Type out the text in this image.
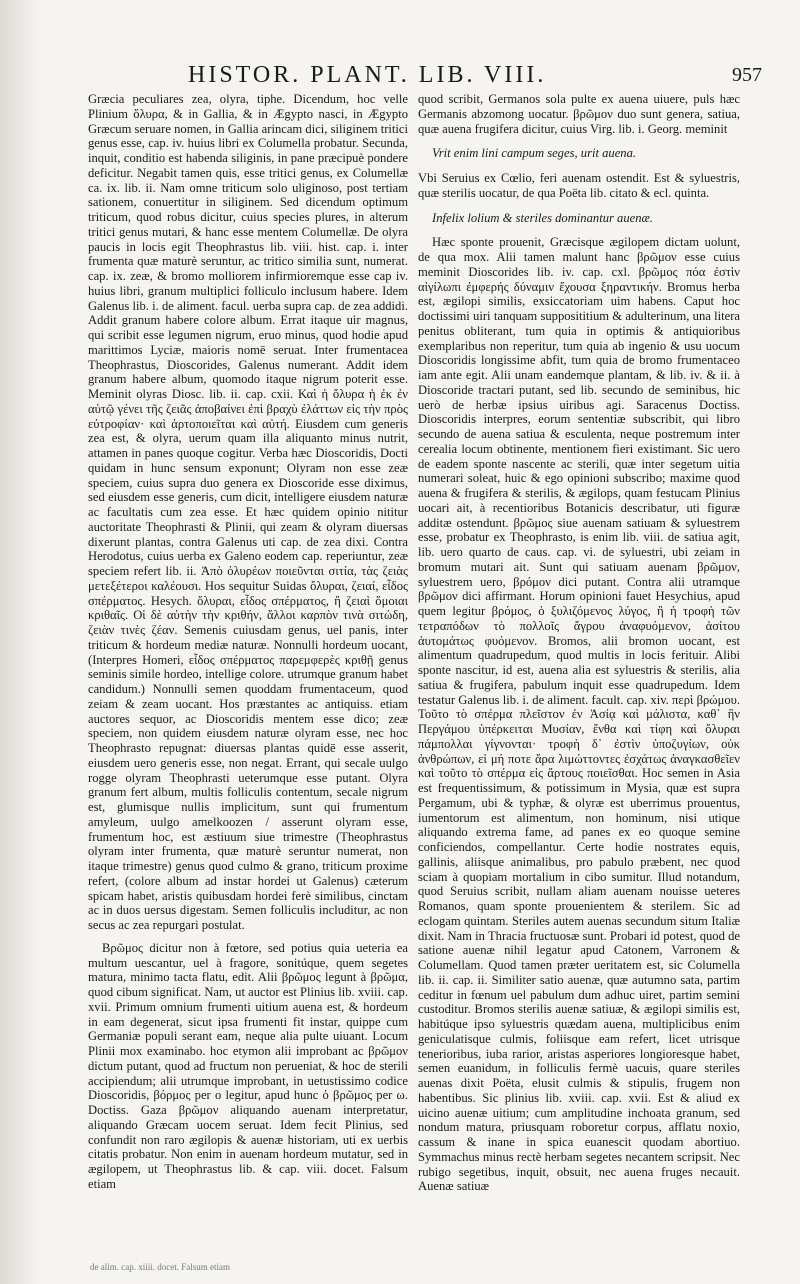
HISTOR. PLANT. LIB. VIII.	957

Græcia peculiares zea, olyra, tiphe. Dicendum, hoc velle Plinium ὄλυρα, & in Gallia, & in Ægypto nasci, in Ægypto Græcum seruare nomen, in Gallia arincam dici, siliginem tritici genus esse, cap. iv. huius libri ex Columella probatur. Secunda, inquit, conditio est habenda siliginis, in pane præcipuè pondere deficitur. Negabit tamen quis, esse tritici genus, ex Columellæ ca. ix. lib. ii. Nam omne triticum solo uliginoso, post tertiam sationem, conuertitur in siliginem. Sed dicendum optimum triticum, quod robus dicitur, cuius species plures, in alterum tritici genus mutari, & hanc esse mentem Columellæ. De olyra paucis in locis egit Theophrastus lib. viii. hist. cap. i. inter frumenta quæ maturè seruntur, ac tritico similia sunt, numerat. cap. ix. zeæ, & bromo molliorem infirmioremque esse cap iv. huius libri, granum multiplici folliculo inclusum habere. Idem Galenus lib. i. de aliment. facul. uerba supra cap. de zea addidi. Addit granum habere colore album. Errat itaque uir magnus, qui scribit esse legumen nigrum, eruo minus, quod hodie apud marittimos Lyciæ, maioris nomē seruat. Inter frumentacea Theophrastus, Dioscorides, Galenus numerant. Addit idem granum habere album, quomodo itaque nigrum poterit esse. Meminit olyras Diosc. lib. ii. cap. cxii. Καὶ ἡ ὄλυρα ἡ ἐκ ἐν αὐτῷ γένει τῆς ζειᾶς ἀποβαίνει ἐπὶ βραχὺ ἐλάττων εἰς τὴν πρὸς εὐτροφίαν· καὶ ἀρτοποιεῖται καὶ αὐτή. Eiusdem cum generis zea est, & olyra, uerum quam illa aliquanto minus nutrit, attamen in panes quoque cogitur. Verba hæc Dioscoridis, Docti quidam in hunc sensum exponunt; Olyram non esse zeæ speciem, cuius supra duo genera ex Dioscoride esse diximus, sed eiusdem esse generis, cum dicit, intelligere eiusdem naturæ ac facultatis cum zea esse. Et hæc quidem opinio nititur auctoritate Theophrasti & Plinii, qui zeam & olyram diuersas dixerunt plantas, contra Galenus uti cap. de zea dixi. Contra Herodotus, cuius uerba ex Galeno eodem cap. reperiuntur, zeæ speciem refert lib. ii. Ἀπὸ ὀλυρέων ποιεῦνται σιτία, τὰς ζειὰς μετεξέτεροι καλέουσι. Hos sequitur Suidas ὄλυραι, ζειαί, εἶδος σπέρματος. Hesych. ὄλυραι, εἶδος σπέρματος, ἢ ζειαὶ ὅμοιαι κριθαῖς. Οἱ δὲ αὐτὴν τὴν κριθήν, ἄλλοι καρπὸν τινὰ σιτώδη, ζειὰν τινὲς ζέαν. Semenis cuiusdam genus, uel panis, inter triticum & hordeum mediæ naturæ. Nonnulli hordeum uocant, (Interpres Homeri, εἶδος σπέρματος παρεμφερὲς κριθῇ genus seminis simile hordeo, intellige colore. utrumque granum habet candidum.) Nonnulli semen quoddam frumentaceum, quod zeiam & zeam uocant. Hos præstantes ac antiquiss. etiam auctores sequor, ac Dioscoridis mentem esse dico; zeæ speciem, non quidem eiusdem naturæ olyram esse, nec hoc Theophrasto repugnat: diuersas plantas quidē esse asserit, eiusdem uero generis esse, non negat. Errant, qui secale uulgo rogge olyram Theophrasti ueterumque esse putant. Olyra granum fert album, multis folliculis contentum, secale nigrum est, glumisque nullis implicitum, sunt qui frumentum amyleum, uulgo amelkoozen / asserunt olyram esse, frumentum hoc, est æstiuum siue trimestre (Theophrastus olyram inter frumenta, quæ maturè seruntur numerat, non itaque trimestre) genus quod culmo & grano, triticum proxime refert, (colore album ad instar hordei ut Galenus) cæterum spicam habet, aristis quibusdam hordei ferè similibus, cinctam ac in duos uersus digestam. Semen folliculis includitur, ac non secus ac zea repurgari postulat.

Βρῶμος dicitur non à fœtore, sed potius quia ueteria ea multum uescantur, uel à fragore, sonitúque, quem segetes matura, minimo tacta flatu, edit. Alii βρῶμος legunt à βρῶμα, quod cibum significat. Nam, ut auctor est Plinius lib. xviii. cap. xvii. Primum omnium frumenti uitium auena est, & hordeum in eam degenerat, sicut ipsa frumenti fit instar, quippe cum Germaniæ populi serant eam, neque alia pulte uiuant. Locum Plinii mox examinabo. hoc etymon alii improbant ac βρῶμον dictum putant, quod ad fructum non perueniat, & hoc de sterili accipiendum; alii utrumque improbant, in uetustissimo codice Dioscoridis, βόρμος per ο legitur, apud hunc ὁ βρῶμος per ω. Doctiss. Gaza βρῶμον aliquando auenam interpretatur, aliquando Græcam uocem seruat. Idem fecit Plinius, sed confundit non raro ægilopis & auenæ historiam, uti ex uerbis citatis probatur. Non enim in auenam hordeum mutatur, sed in ægilopem, ut Theophrastus lib. & cap. viii. docet. Falsum etiam

quod scribit, Germanos sola pulte ex auena uiuere, puls hæc Germanis abzomong uocatur. βρῶμον duo sunt genera, satiua, quæ auena frugifera dicitur, cuius Virg. lib. i. Georg. meminit

Vrit enim lini campum seges, urit auena.

Vbi Seruius ex Cœlio, feri auenam ostendit. Est & syluestris, quæ sterilis uocatur, de qua Poëta lib. citato & ecl. quinta.

Infelix lolium & steriles dominantur auenæ.

Hæc sponte prouenit, Græcisque ægilopem dictam uolunt, de qua mox. Alii tamen malunt hanc βρῶμον esse cuius meminit Dioscorides lib. iv. cap. cxl. βρῶμος πόα ἐστὶν αἰγίλωπι ἐμφερής δύναμιν ἔχουσα ξηραντικήν. Bromus herba est, ægilopi similis, exsiccatoriam uim habens. Caput hoc doctissimi uiri tanquam supposititium & adulterinum, una litera penitus obliterant, tum quia in optimis & antiquioribus exemplaribus non reperitur, tum quia ab ingenio & usu uocum Dioscoridis longissime abfit, tum quia de bromo frumentaceo iam ante egit. Alii unam eandemque plantam, & lib. iv. & ii. à Dioscoride tractari putant, sed lib. secundo de seminibus, hic uerò de herbæ ipsius uiribus agi. Saracenus Doctiss. Dioscoridis interpres, eorum sententiæ subscribit, qui libro secundo de auena satiua & esculenta, neque postremum inter cerealia locum obtinente, mentionem fieri existimant. Sic uero de eadem sponte nascente ac sterili, quæ inter segetum uitia numerari soleat, huic & ego opinioni subscribo; maxime quod auena & frugifera & sterilis, & ægilops, quam festucam Plinius uocari ait, à recentioribus Botanicis describatur, uti figuræ additæ ostendunt. βρῶμος siue auenam satiuam & syluestrem esse, probatur ex Theophrasto, is enim lib. viii. de satiua agit, lib. uero quarto de caus. cap. vi. de syluestri, ubi zeiam in bromum mutari ait. Sunt qui satiuam auenam βρῶμον, syluestrem uero, βρόμον dici putant. Contra alii utramque βρῶμον dici affirmant. Horum opinioni fauet Hesychius, apud quem legitur βρόμος, ὁ ξυλιζόμενος λύγος, ἢ ἡ τροφὴ τῶν τετραπόδων τὸ πολλοῖς ἄγρου ἀναφυόμενον, ἀσίτου ἀυτομάτως φυόμενον. Bromos, alii bromon uocant, est alimentum quadrupedum, quod multis in locis ferituir. Alibi sponte nascitur, id est, auena alia est syluestris & sterilis, alia satiua & frugifera, pabulum inquit esse quadrupedum. Idem testatur Galenus lib. i. de aliment. facult. cap. xiv. περὶ βρώμου. Τοῦτο τὸ σπέρμα πλεῖστον ἐν Ἀσίᾳ καὶ μάλιστα, καθ᾽ ἣν Περγάμου ὑπέρκειται Μυσίαν, ἔνθα καὶ τίφη καὶ ὄλυραι πάμπολλαι γίγνονται· τροφὴ δ᾽ ἐστὶν ὑποζυγίων, οὐκ ἀνθρώπων, εἰ μή ποτε ἄρα λιμώττοντες ἐσχάτως ἀναγκασθεῖεν καὶ τοῦτο τὸ σπέρμα εἰς ἄρτους ποιεῖσθαι. Hoc semen in Asia est frequentissimum, & potissimum in Mysia, quæ est supra Pergamum, ubi & typhæ, & olyræ est uberrimus prouentus, iumentorum est alimentum, non hominum, nisi utique aliquando extrema fame, ad panes ex eo quoque semine conficiendos, compellantur. Certe hodie nostrates equis, gallinis, aliisque animalibus, pro pabulo præbent, nec quod sciam à quopiam mortalium in cibo sumitur. Illud notandum, quod Seruius scribit, nullam aliam auenam nouisse ueteres Romanos, quam sponte prouenientem & sterilem. Sic ad eclogam quintam. Steriles autem auenas secundum situm Italiæ dixit. Nam in Thracia fructuosæ sunt. Probari id potest, quod de satione auenæ nihil legatur apud Catonem, Varronem & Columellam. Quod tamen præter ueritatem est, sic Columella lib. ii. cap. ii. Similiter satio auenæ, quæ autumno sata, partim ceditur in fœnum uel pabulum dum adhuc uiret, partim semini custoditur. Bromos sterilis auenæ satiuæ, & ægilopi similis est, habitúque ipso syluestris quædam auena, multiplicibus enim geniculatisque culmis, foliisque eam refert, licet utrisque tenerioribus, iuba rarior, aristas asperiores longioresque habet, semen euanidum, in folliculis fermè uacuis, quare steriles auenas dixit Poëta, elusit culmis & stipulis, frugem non habentibus. Sic plinius lib. xviii. cap. xvii. Est & aliud ex uicino auenæ uitium; cum amplitudine inchoata granum, sed nondum matura, priusquam roboretur corpus, afflatu noxio, cassum & inane in spica euanescit quodam abortiuo. Symmachus minus rectè herbam segetes necantem scripsit. Nec rubigo segetibus, inquit, obsuit, nec auena fruges necauit. Auenæ satiuæ

de alim. cap. xiiii. docet. Falsum etiam
